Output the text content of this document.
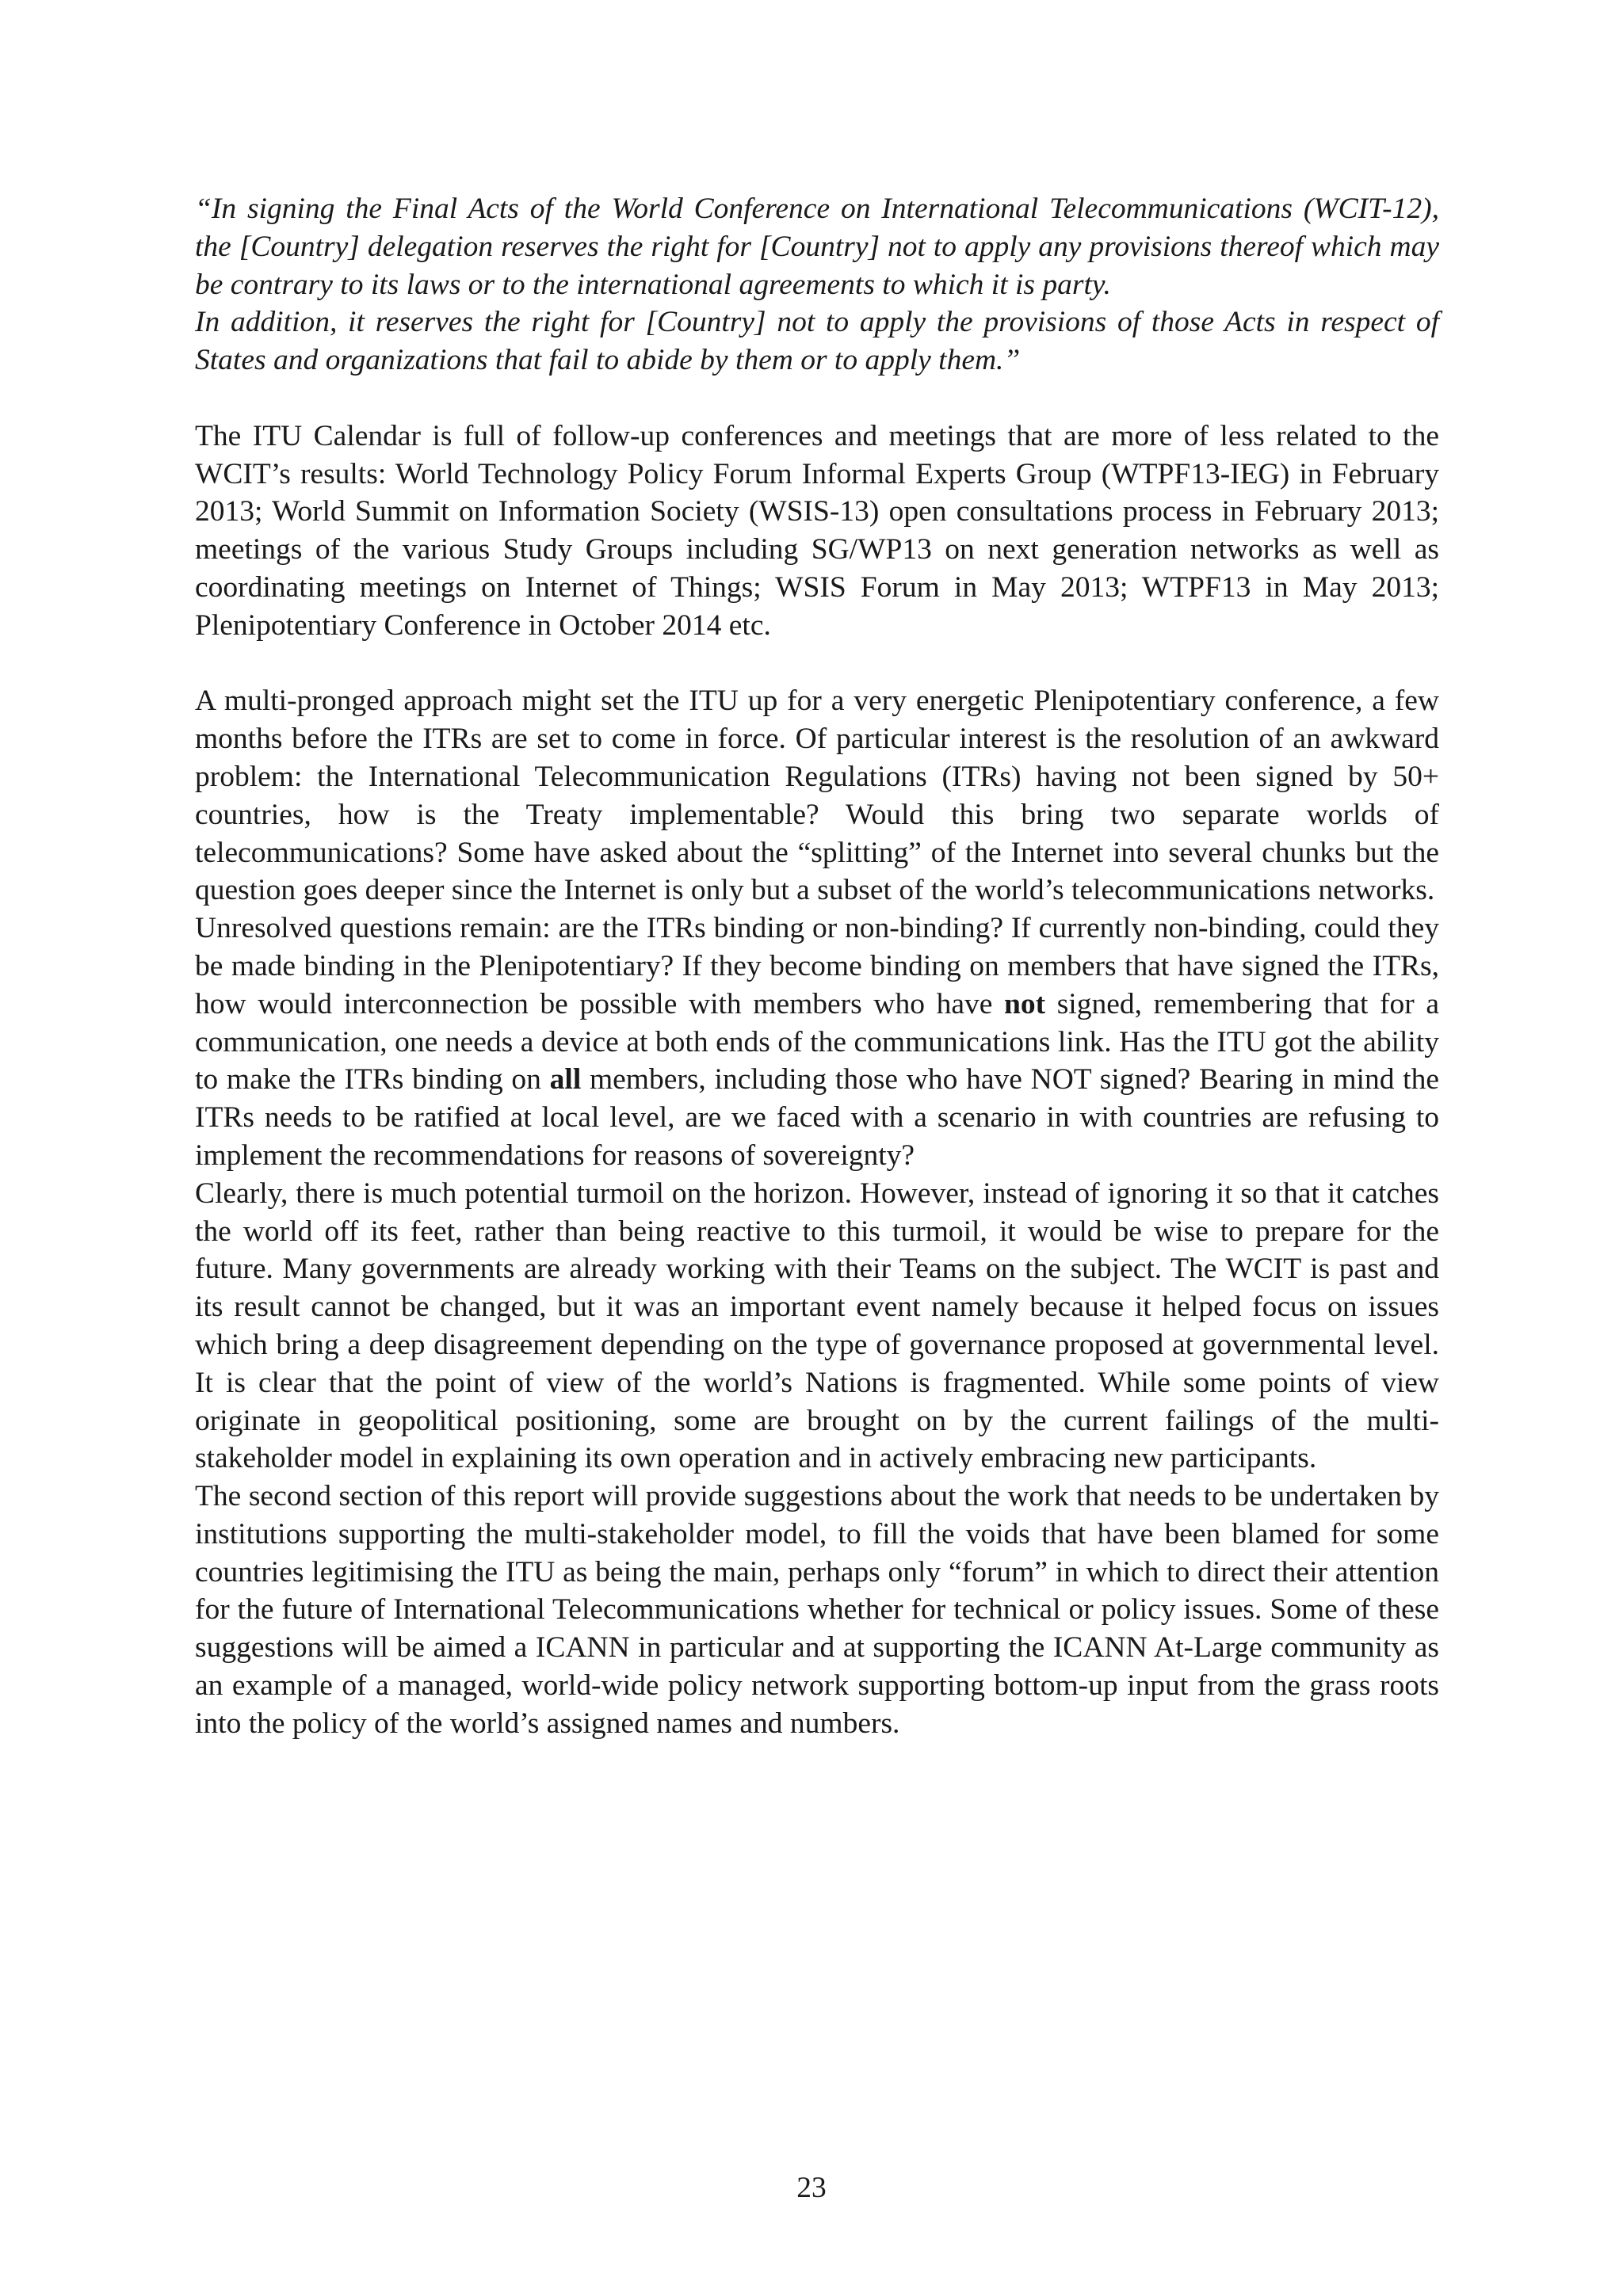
“In signing the Final Acts of the World Conference on International Telecommunications (WCIT-12), the [Country] delegation reserves the right for [Country] not to apply any provisions thereof which may be contrary to its laws or to the international agreements to which it is party.

In addition, it reserves the right for [Country] not to apply the provisions of those Acts in respect of States and organizations that fail to abide by them or to apply them.”

The ITU Calendar is full of follow-up conferences and meetings that are more of less related to the WCIT’s results: World Technology Policy Forum Informal Experts Group (WTPF13-IEG) in February 2013; World Summit on Information Society (WSIS-13) open consultations process in February 2013; meetings of the various Study Groups including SG/WP13 on next generation networks as well as coordinating meetings on Internet of Things; WSIS Forum in May 2013; WTPF13 in May 2013; Plenipotentiary Conference in October 2014 etc.

A multi-pronged approach might set the ITU up for a very energetic Plenipotentiary conference, a few months before the ITRs are set to come in force. Of particular interest is the resolution of an awkward problem: the International Telecommunication Regulations (ITRs) having not been signed by 50+ countries, how is the Treaty implementable? Would this bring two separate worlds of telecommunications? Some have asked about the “splitting” of the Internet into several chunks but the question goes deeper since the Internet is only but a subset of the world’s telecommunications networks.

Unresolved questions remain: are the ITRs binding or non-binding? If currently non-binding, could they be made binding in the Plenipotentiary? If they become binding on members that have signed the ITRs, how would interconnection be possible with members who have not signed, remembering that for a communication, one needs a device at both ends of the communications link. Has the ITU got the ability to make the ITRs binding on all members, including those who have NOT signed? Bearing in mind the ITRs needs to be ratified at local level, are we faced with a scenario in with countries are refusing to implement the recommendations for reasons of sovereignty?

Clearly, there is much potential turmoil on the horizon. However, instead of ignoring it so that it catches the world off its feet, rather than being reactive to this turmoil, it would be wise to prepare for the future. Many governments are already working with their Teams on the subject. The WCIT is past and its result cannot be changed, but it was an important event namely because it helped focus on issues which bring a deep disagreement depending on the type of governance proposed at governmental level. It is clear that the point of view of the world’s Nations is fragmented. While some points of view originate in geopolitical positioning, some are brought on by the current failings of the multi-stakeholder model in explaining its own operation and in actively embracing new participants.

The second section of this report will provide suggestions about the work that needs to be undertaken by institutions supporting the multi-stakeholder model, to fill the voids that have been blamed for some countries legitimising the ITU as being the main, perhaps only “forum” in which to direct their attention for the future of International Telecommunications whether for technical or policy issues. Some of these suggestions will be aimed a ICANN in particular and at supporting the ICANN At-Large community as an example of a managed, world-wide policy network supporting bottom-up input from the grass roots into the policy of the world’s assigned names and numbers.

23
